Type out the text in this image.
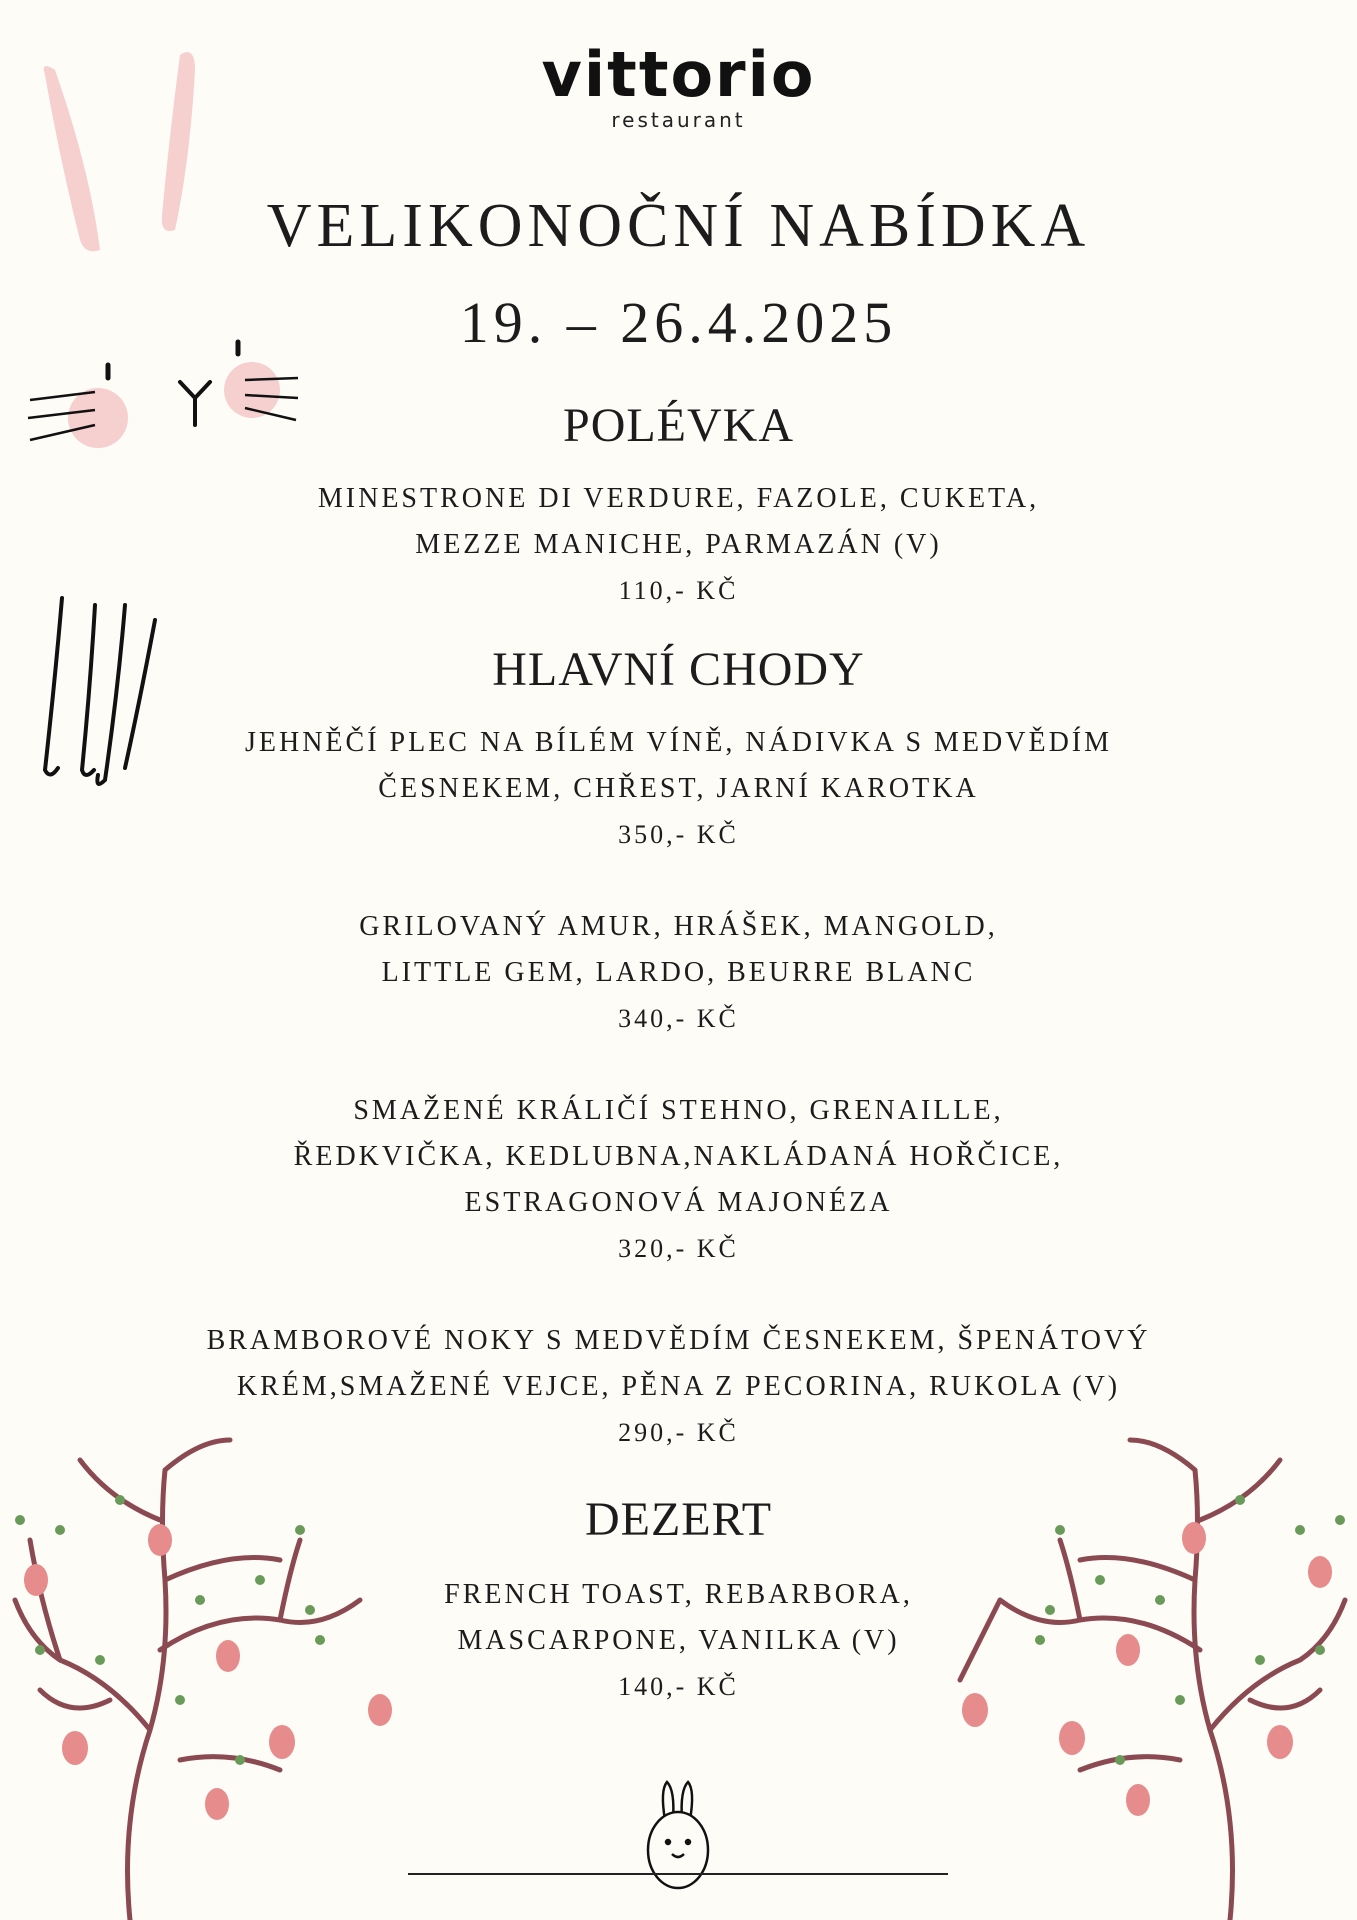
vittorio
restaurant
VELIKONOČNÍ NABÍDKA
19. – 26.4.2025
POLÉVKA
MINESTRONE DI VERDURE, FAZOLE, CUKETA,
MEZZE MANICHE, PARMAZÁN (V)
110,- KČ
HLAVNÍ CHODY
JEHNĚČÍ PLEC NA BÍLÉM VÍNĚ, NÁDIVKA S MEDVĚDÍM
ČESNEKEM, CHŘEST, JARNÍ KAROTKA
350,- KČ
GRILOVANÝ AMUR, HRÁŠEK, MANGOLD,
LITTLE GEM, LARDO, BEURRE BLANC
340,- KČ
SMAŽENÉ KRÁLIČÍ STEHNO, GRENAILLE,
ŘEDKVIČKA, KEDLUBNA,NAKLÁDANÁ HOŘČICE,
ESTRAGONOVÁ MAJONÉZA
320,- KČ
BRAMBOROVÉ NOKY S MEDVĚDÍM ČESNEKEM, ŠPENÁTOVÝ
KRÉM,SMAŽENÉ VEJCE, PĚNA Z PECORINA, RUKOLA (V)
290,- KČ
DEZERT
FRENCH TOAST, REBARBORA,
MASCARPONE, VANILKA (V)
140,- KČ
